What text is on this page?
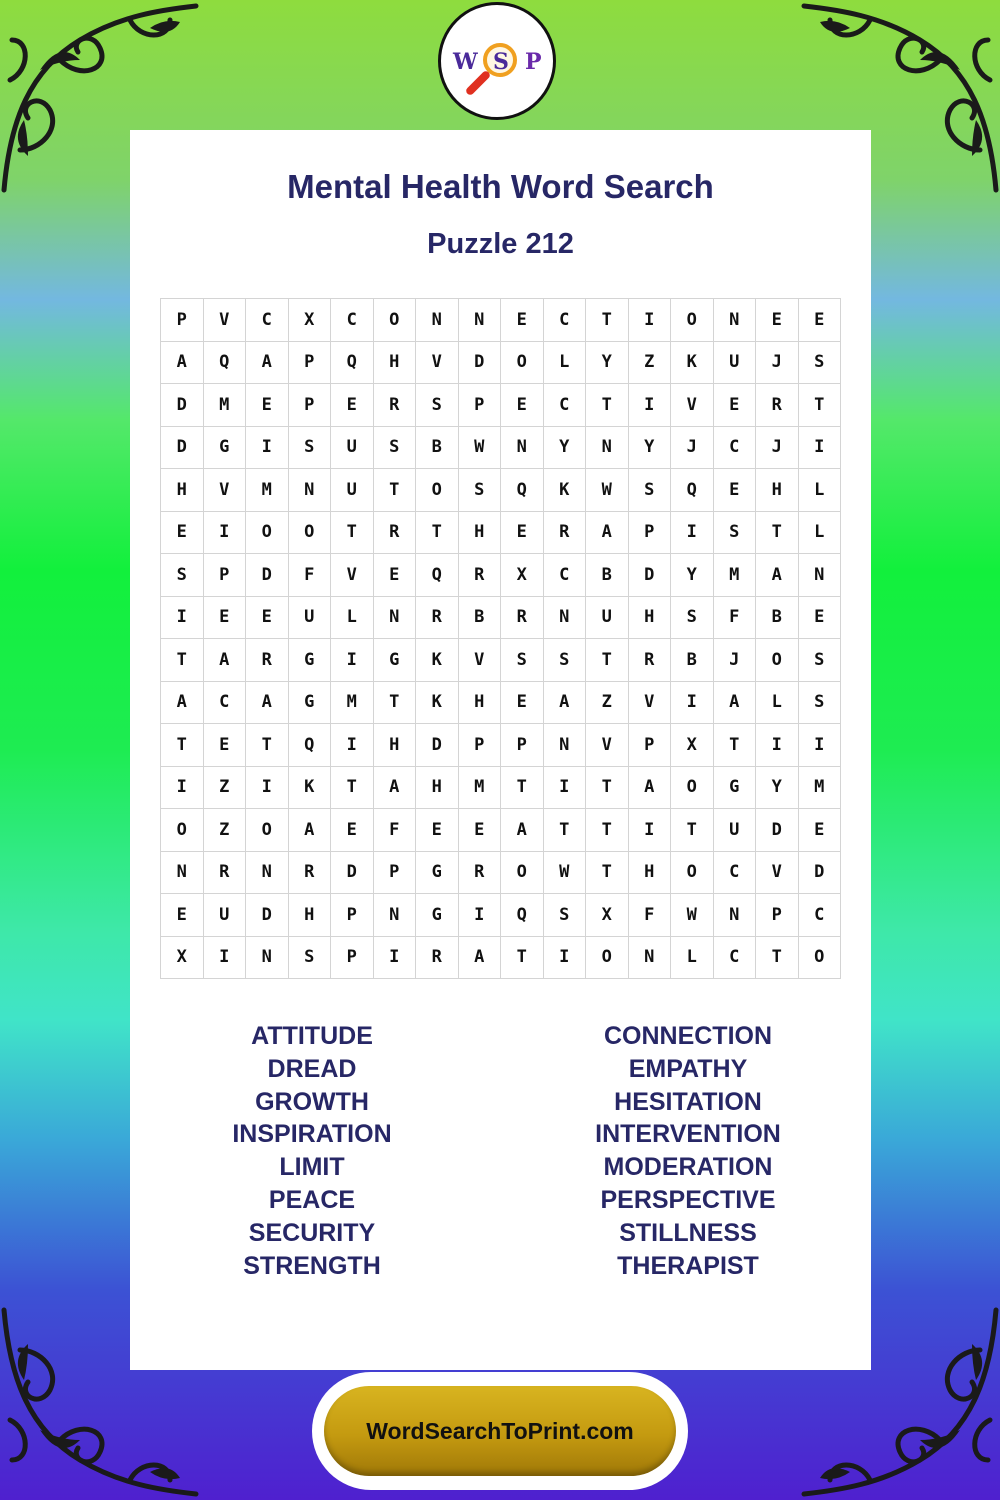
W S P
Mental Health Word Search
Puzzle 212
P	V	C	X	C	O	N	N	E	C	T	I	O	N	E	E
A	Q	A	P	Q	H	V	D	O	L	Y	Z	K	U	J	S
D	M	E	P	E	R	S	P	E	C	T	I	V	E	R	T
D	G	I	S	U	S	B	W	N	Y	N	Y	J	C	J	I
H	V	M	N	U	T	O	S	Q	K	W	S	Q	E	H	L
E	I	O	O	T	R	T	H	E	R	A	P	I	S	T	L
S	P	D	F	V	E	Q	R	X	C	B	D	Y	M	A	N
I	E	E	U	L	N	R	B	R	N	U	H	S	F	B	E
T	A	R	G	I	G	K	V	S	S	T	R	B	J	O	S
A	C	A	G	M	T	K	H	E	A	Z	V	I	A	L	S
T	E	T	Q	I	H	D	P	P	N	V	P	X	T	I	I
I	Z	I	K	T	A	H	M	T	I	T	A	O	G	Y	M
O	Z	O	A	E	F	E	E	A	T	T	I	T	U	D	E
N	R	N	R	D	P	G	R	O	W	T	H	O	C	V	D
E	U	D	H	P	N	G	I	Q	S	X	F	W	N	P	C
X	I	N	S	P	I	R	A	T	I	O	N	L	C	T	O
ATTITUDE
DREAD
GROWTH
INSPIRATION
LIMIT
PEACE
SECURITY
STRENGTH
CONNECTION
EMPATHY
HESITATION
INTERVENTION
MODERATION
PERSPECTIVE
STILLNESS
THERAPIST
WordSearchToPrint.com
